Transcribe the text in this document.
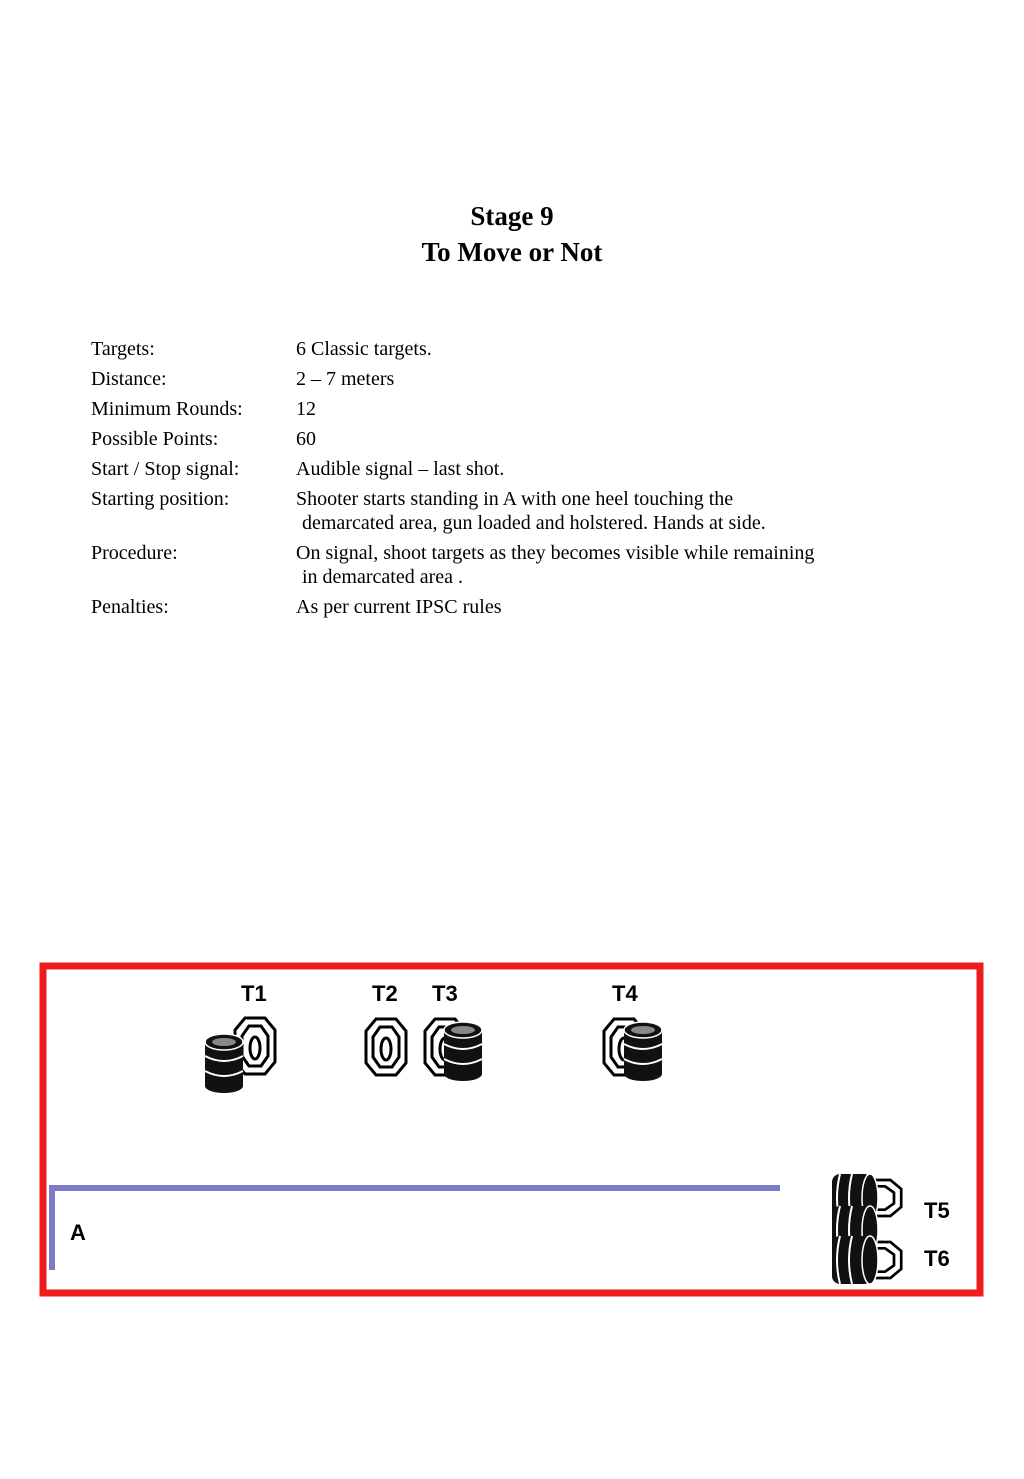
Stage 9
To Move or Not
Targets:	6 Classic targets.
Distance:	2 – 7 meters
Minimum Rounds:	12
Possible Points:	60
Start / Stop signal:	Audible signal – last shot.
Starting position:	Shooter starts standing in A with one heel touching the
demarcated area, gun loaded and holstered. Hands at side.
Procedure:	On signal, shoot targets as they becomes visible while remaining
in demarcated area .
Penalties:	As per current IPSC rules
A
T1	T2 T3	T4
T5
T6
